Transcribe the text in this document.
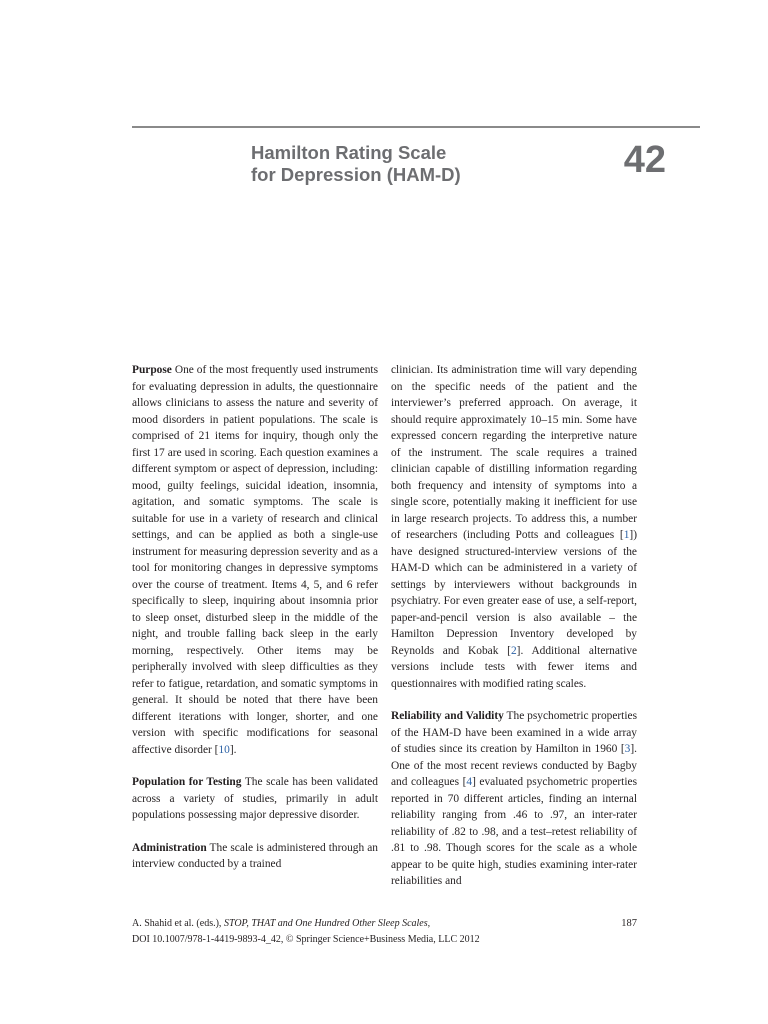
Hamilton Rating Scale
for Depression (HAM-D)	42

Purpose One of the most frequently used instruments for evaluating depression in adults, the questionnaire allows clinicians to assess the nature and severity of mood disorders in patient populations. The scale is comprised of 21 items for inquiry, though only the first 17 are used in scoring. Each question examines a different symptom or aspect of depression, including: mood, guilty feelings, suicidal ideation, insomnia, agitation, and somatic symptoms. The scale is suitable for use in a variety of research and clinical settings, and can be applied as both a single-use instrument for measuring depression severity and as a tool for monitoring changes in depressive symptoms over the course of treatment. Items 4, 5, and 6 refer specifically to sleep, inquiring about insomnia prior to sleep onset, disturbed sleep in the middle of the night, and trouble falling back sleep in the early morning, respectively. Other items may be peripherally involved with sleep difficulties as they refer to fatigue, retardation, and somatic symptoms in general. It should be noted that there have been different iterations with longer, shorter, and one version with specific modifications for seasonal affective disorder [10].

Population for Testing The scale has been validated across a variety of studies, primarily in adult populations possessing major depressive disorder.

Administration The scale is administered through an interview conducted by a trained

clinician. Its administration time will vary depending on the specific needs of the patient and the interviewer’s preferred approach. On average, it should require approximately 10–15 min. Some have expressed concern regarding the interpretive nature of the instrument. The scale requires a trained clinician capable of distilling information regarding both frequency and intensity of symptoms into a single score, potentially making it inefficient for use in large research projects. To address this, a number of researchers (including Potts and colleagues [1]) have designed structured-interview versions of the HAM-D which can be administered in a variety of settings by interviewers without backgrounds in psychiatry. For even greater ease of use, a self-report, paper-and-pencil version is also available – the Hamilton Depression Inventory developed by Reynolds and Kobak [2]. Additional alternative versions include tests with fewer items and questionnaires with modified rating scales.

Reliability and Validity The psychometric properties of the HAM-D have been examined in a wide array of studies since its creation by Hamilton in 1960 [3]. One of the most recent reviews conducted by Bagby and colleagues [4] evaluated psychometric properties reported in 70 different articles, finding an internal reliability ranging from .46 to .97, an inter-rater reliability of .82 to .98, and a test–retest reliability of .81 to .98. Though scores for the scale as a whole appear to be quite high, studies examining inter-rater reliabilities and

A. Shahid et al. (eds.), STOP, THAT and One Hundred Other Sleep Scales,
DOI 10.1007/978-1-4419-9893-4_42, © Springer Science+Business Media, LLC 2012
187
